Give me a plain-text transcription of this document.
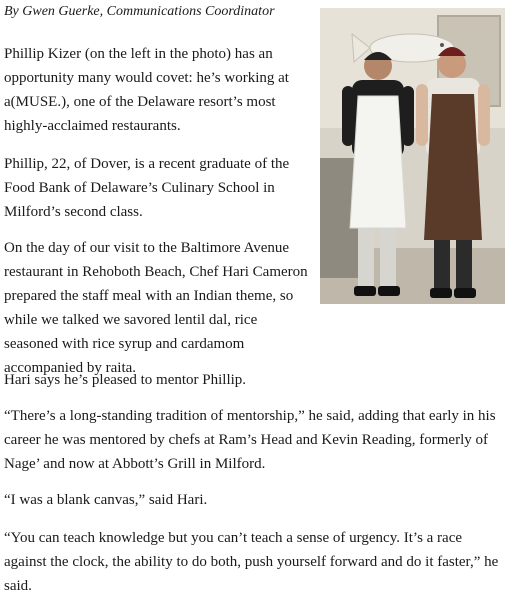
By Gwen Guerke, Communications Coordinator

Phillip Kizer (on the left in the photo) has an opportunity many would covet: he’s working at a(MUSE.), one of the Delaware resort’s most highly-acclaimed restaurants.

Phillip, 22, of Dover, is a recent graduate of the Food Bank of Delaware’s Culinary School in Milford’s second class.

On the day of our visit to the Baltimore Avenue restaurant in Rehoboth Beach, Chef Hari Cameron prepared the staff meal with an Indian theme, so while we talked we savored lentil dal, rice seasoned with rice syrup and cardamom accompanied by raita.

Hari says he’s pleased to mentor Phillip.

“There’s a long-standing tradition of mentorship,” he said, adding that early in his career he was mentored by chefs at Ram’s Head and Kevin Reading, formerly of Nage’ and now at Abbott’s Grill in Milford.

“I was a blank canvas,” said Hari.

“You can teach knowledge but you can’t teach a sense of urgency. It’s a race against the clock, the ability to do both, push yourself forward and do it faster,” he said.
